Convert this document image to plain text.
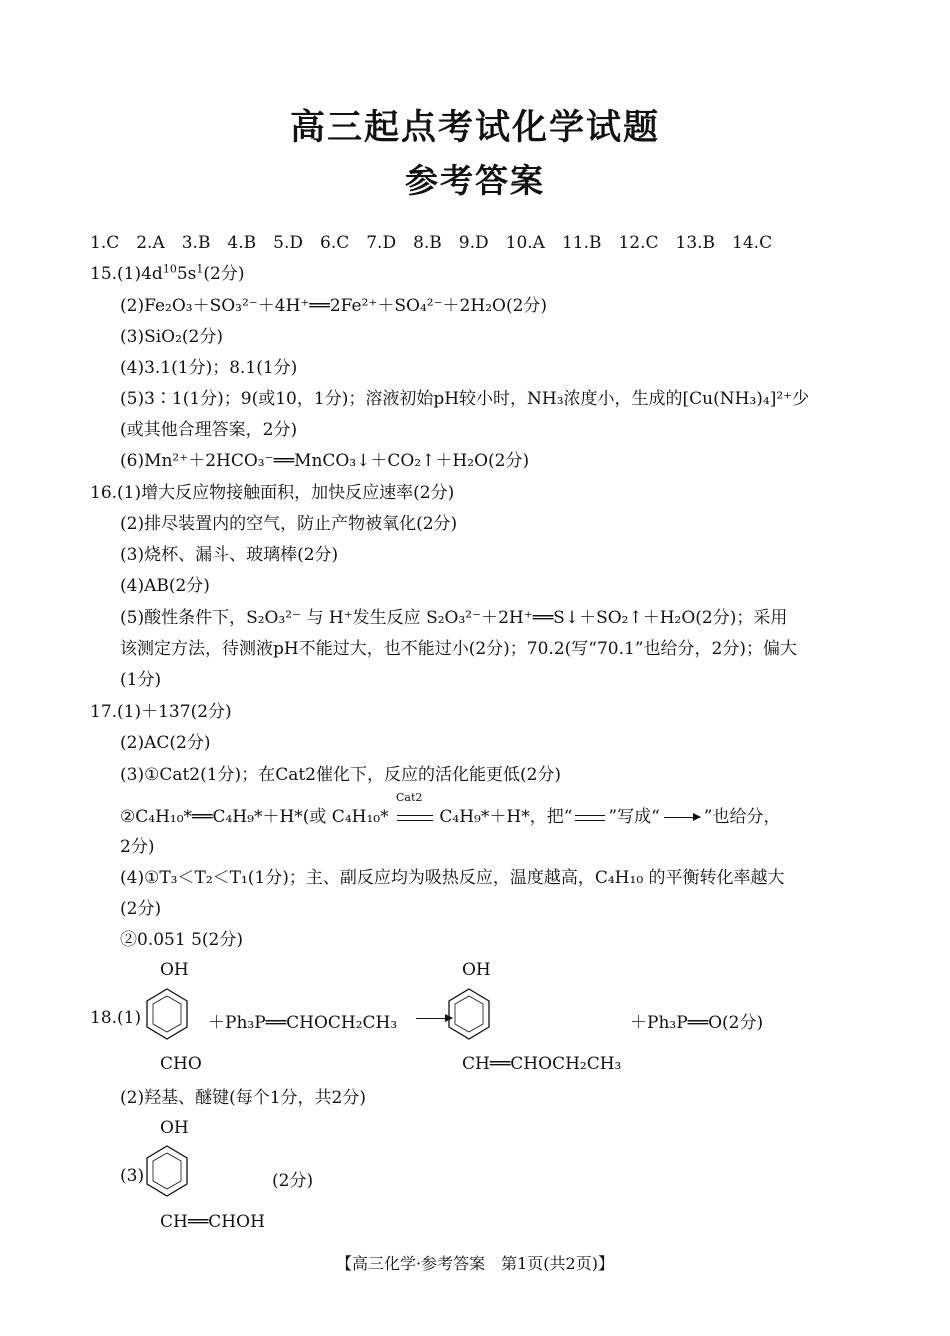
高三起点考试化学试题
参考答案
1.C　2.A　3.B　4.B　5.D　6.C　7.D　8.B　9.D　10.A　11.B　12.C　13.B　14.C
$15.(1)4d^{10}5s^1(2$分)
(2)Fe₂O₃＋SO₃²⁻＋4H⁺══2Fe²⁺＋SO₄²⁻＋2H₂O(2分)
(3)SiO₂(2分)
(4)3.1(1分)；8.1(1分)
(5)3∶1(1分)；9(或10，1分)；溶液初始pH较小时，NH₃浓度小，生成的[Cu(NH₃)₄]²⁺少
(或其他合理答案，2分)
(6)Mn²⁺＋2HCO₃⁻══MnCO₃↓＋CO₂↑＋H₂O(2分)
16.(1)增大反应物接触面积，加快反应速率(2分)
(2)排尽装置内的空气，防止产物被氧化(2分)
(3)烧杯、漏斗、玻璃棒(2分)
(4)AB(2分)
(5)酸性条件下，S₂O₃²⁻ 与 H⁺发生反应 S₂O₃²⁻＋2H⁺══S↓＋SO₂↑＋H₂O(2分)；采用
该测定方法，待测液pH不能过大，也不能过小(2分)；70.2(写“70.1”也给分，2分)；偏大
(1分)
17.(1)＋137(2分)
(2)AC(2分)
(3)①Cat2(1分)；在Cat2催化下，反应的活化能更低(2分)
②C₄H₁₀*══C₄H₉*＋H*(或 C₄H₁₀*
Cat2
C₄H₉*＋H*，把“ ”写成“	”也给分，
2分)
(4)①T₃＜T₂＜T₁(1分)；主、副反应均为吸热反应，温度越高，C₄H₁₀ 的平衡转化率越大
(2分)
②0.051 5(2分)
OH
18.(1)
CHO
＋Ph₃P══CHOCH₂CH₃ →
OH
CH══CHOCH₂CH₃
＋Ph₃P══O(2分)
(2)羟基、醚键(每个1分，共2分)
OH
(3)	(2分)
CH══CHOH
【高三化学·参考答案　第1页(共2页)】
